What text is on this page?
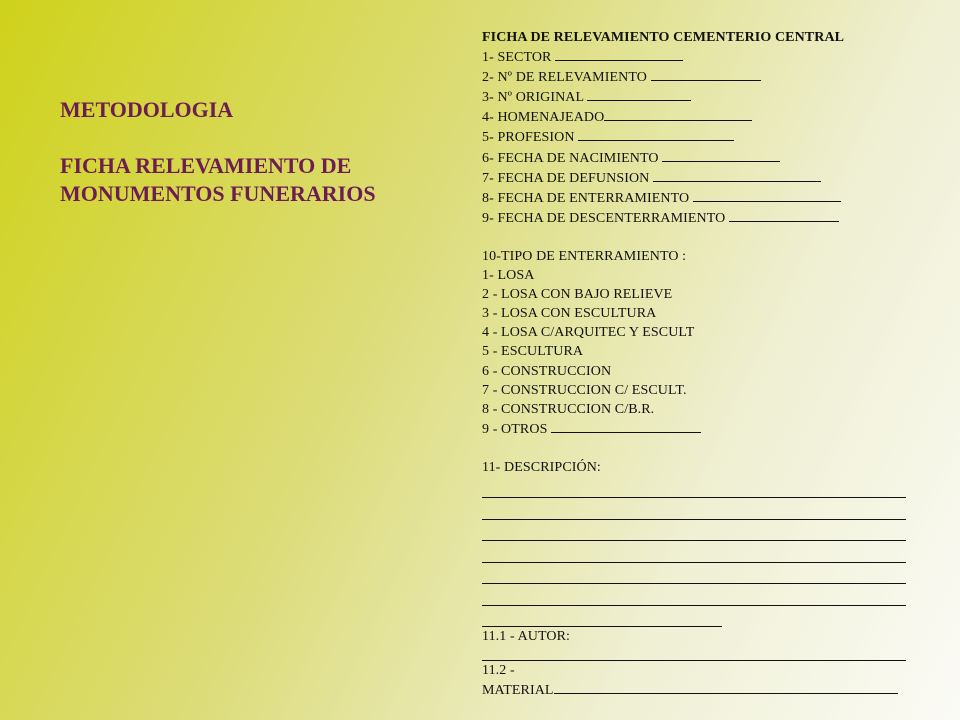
METODOLOGIA
FICHA RELEVAMIENTO DE
MONUMENTOS FUNERARIOS
FICHA DE RELEVAMIENTO CEMENTERIO CENTRAL
1- SECTOR
2- Nº DE RELEVAMIENTO
3- Nº ORIGINAL
4- HOMENAJEADO
5- PROFESION
6- FECHA DE NACIMIENTO
7- FECHA DE DEFUNSION
8- FECHA DE ENTERRAMIENTO
9- FECHA DE DESCENTERRAMIENTO
10-TIPO DE ENTERRAMIENTO :
1- LOSA
2 - LOSA CON BAJO RELIEVE
3 - LOSA CON ESCULTURA
4 - LOSA C/ARQUITEC Y ESCULT
5 - ESCULTURA
6 - CONSTRUCCION
7 - CONSTRUCCION C/ ESCULT.
8 - CONSTRUCCION C/B.R.
9 - OTROS
11- DESCRIPCIÓN:
11.1 - AUTOR:
11.2 -
MATERIAL
